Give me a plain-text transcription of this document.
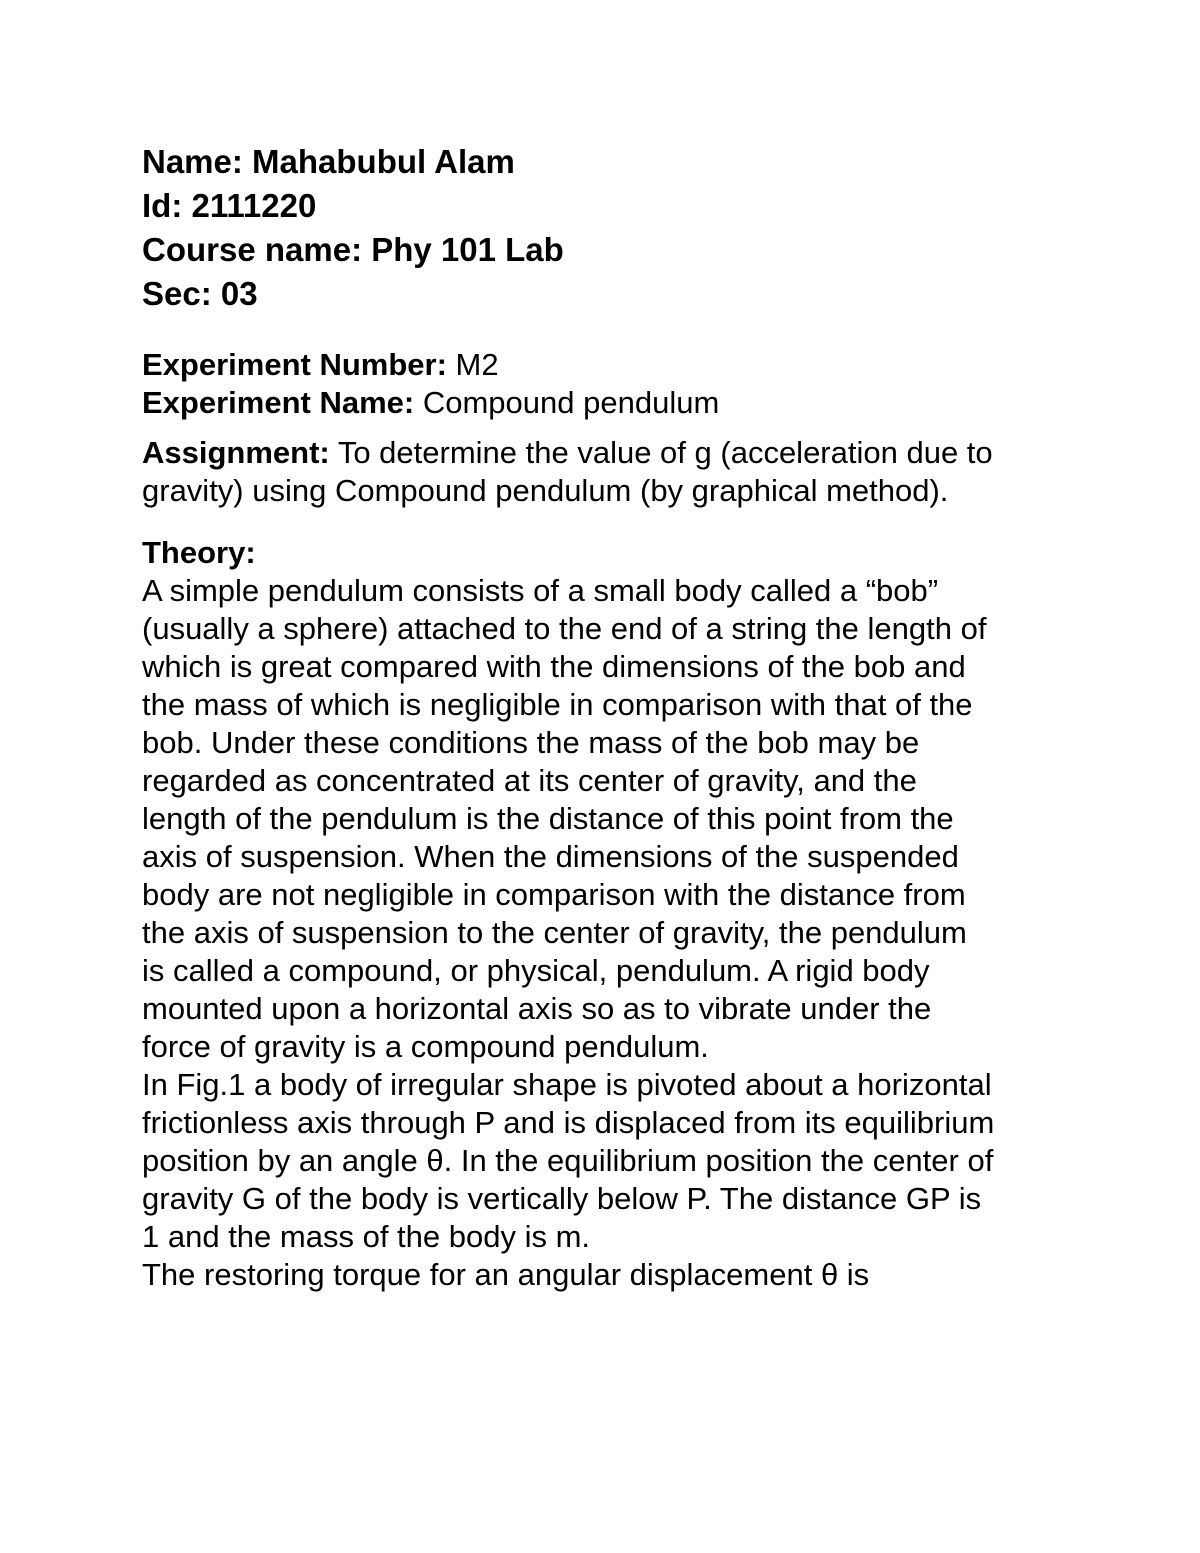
Name: Mahabubul Alam
Id: 2111220
Course name: Phy 101 Lab
Sec: 03
Experiment Number: M2
Experiment Name: Compound pendulum
Assignment: To determine the value of g (acceleration due to
gravity) using Compound pendulum (by graphical method).
Theory:
A simple pendulum consists of a small body called a “bob”
(usually a sphere) attached to the end of a string the length of
which is great compared with the dimensions of the bob and
the mass of which is negligible in comparison with that of the
bob. Under these conditions the mass of the bob may be
regarded as concentrated at its center of gravity, and the
length of the pendulum is the distance of this point from the
axis of suspension. When the dimensions of the suspended
body are not negligible in comparison with the distance from
the axis of suspension to the center of gravity, the pendulum
is called a compound, or physical, pendulum. A rigid body
mounted upon a horizontal axis so as to vibrate under the
force of gravity is a compound pendulum.
In Fig.1 a body of irregular shape is pivoted about a horizontal
frictionless axis through P and is displaced from its equilibrium
position by an angle θ. In the equilibrium position the center of
gravity G of the body is vertically below P. The distance GP is
1 and the mass of the body is m.
The restoring torque for an angular displacement θ is
